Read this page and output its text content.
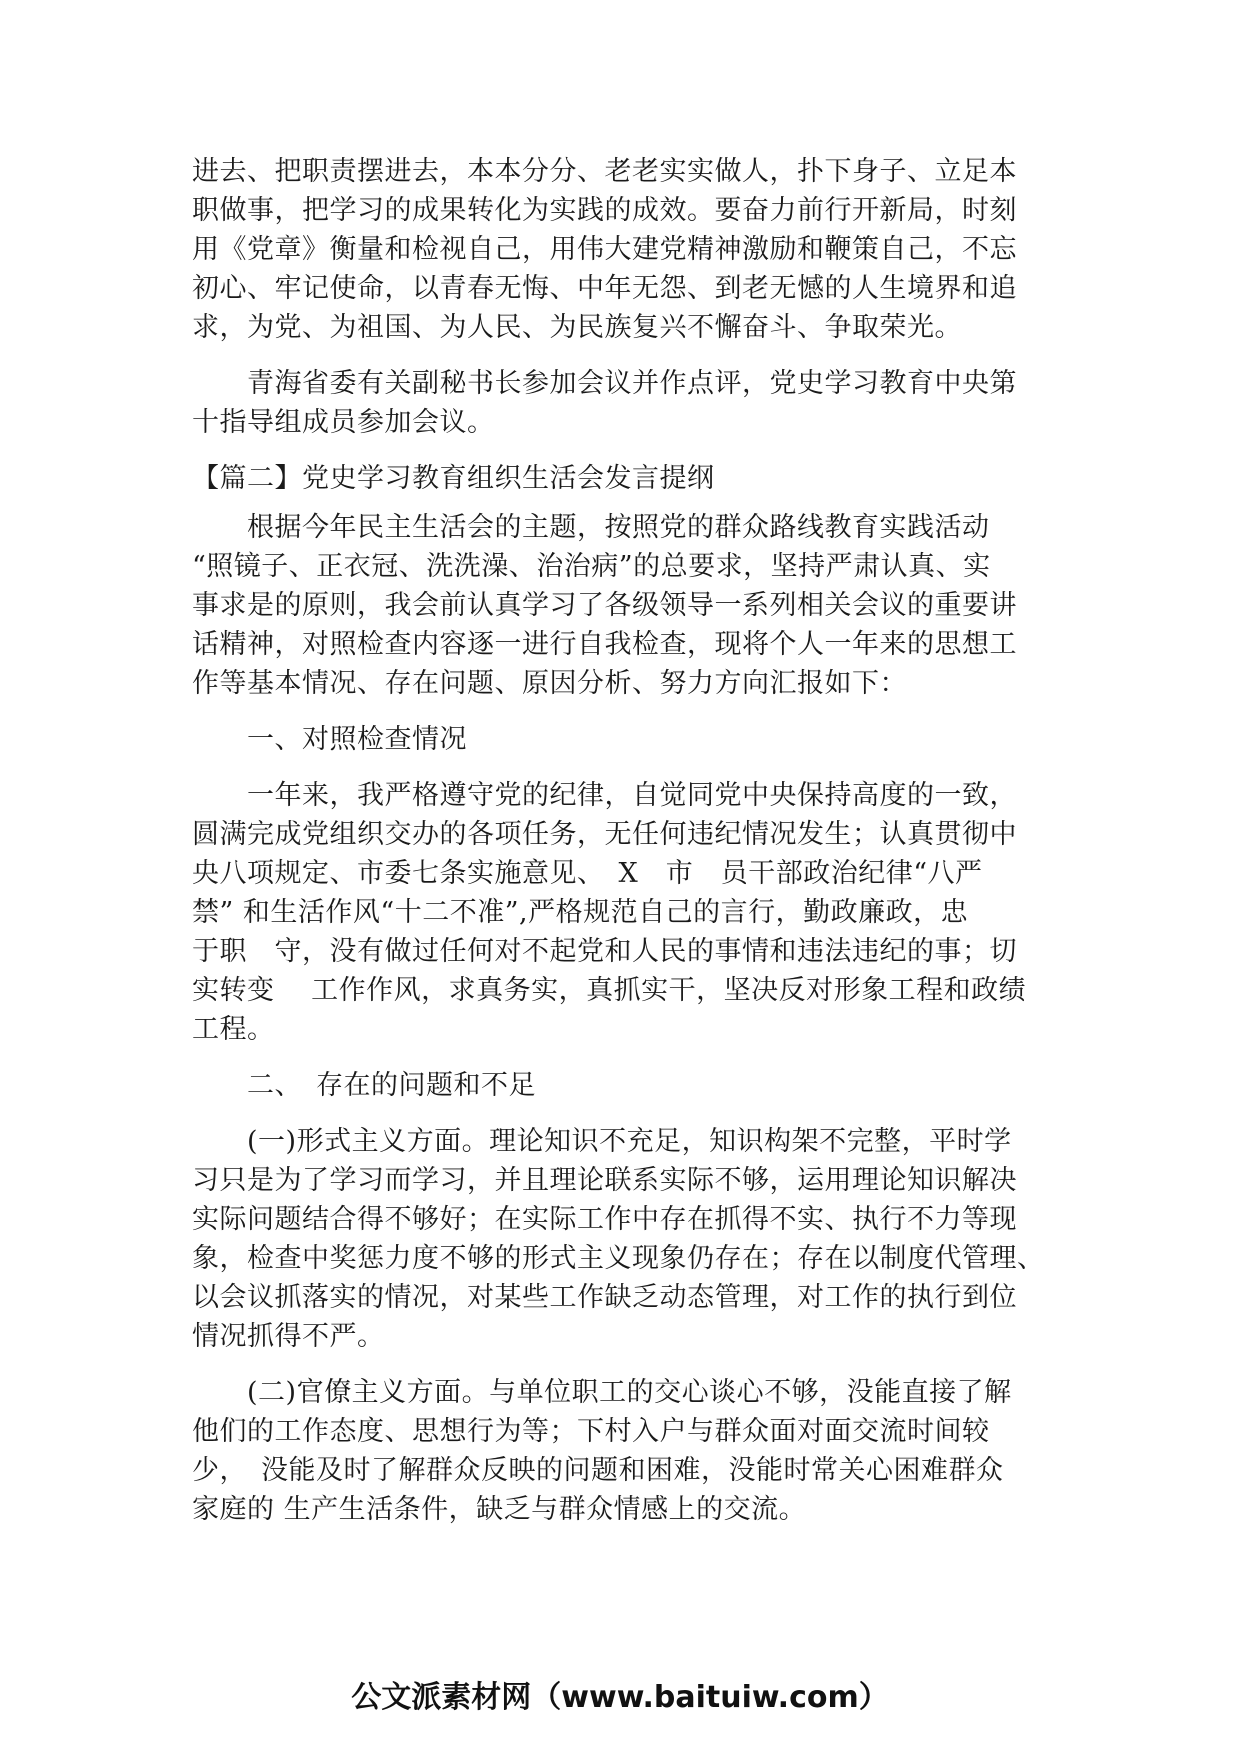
进去、把职责摆进去，本本分分、老老实实做人，扑下身子、立足本

职做事，把学习的成果转化为实践的成效。要奋力前行开新局，时刻

用《党章》衡量和检视自己，用伟大建党精神激励和鞭策自己，不忘

初心、牢记使命，以青春无悔、中年无怨、到老无憾的人生境界和追

求，为党、为祖国、为人民、为民族复兴不懈奋斗、争取荣光。

　　青海省委有关副秘书长参加会议并作点评，党史学习教育中央第

十指导组成员参加会议。

【篇二】党史学习教育组织生活会发言提纲

　　根据今年民主生活会的主题，按照党的群众路线教育实践活动

“照镜子、正衣冠、洗洗澡、治治病”的总要求，坚持严肃认真、实

事求是的原则，我会前认真学习了各级领导一系列相关会议的重要讲

话精神，对照检查内容逐一进行自我检查，现将个人一年来的思想工

作等基本情况、存在问题、原因分析、努力方向汇报如下：

　　一、对照检查情况

　　一年来，我严格遵守党的纪律，自觉同党中央保持高度的一致，

圆满完成党组织交办的各项任务，无任何违纪情况发生；认真贯彻中

央八项规定、市委七条实施意见、　X　市　员干部政治纪律“八严

禁” 和生活作风“十二不准”,严格规范自己的言行，勤政廉政，忠

于职　守，没有做过任何对不起党和人民的事情和违法违纪的事；切

实转变　 工作作风，求真务实，真抓实干，坚决反对形象工程和政绩

工程。

　　二、　存在的问题和不足

　　(一)形式主义方面。理论知识不充足，知识构架不完整，平时学

习只是为了学习而学习，并且理论联系实际不够，运用理论知识解决

实际问题结合得不够好；在实际工作中存在抓得不实、执行不力等现

象，检查中奖惩力度不够的形式主义现象仍存在；存在以制度代管理、

以会议抓落实的情况，对某些工作缺乏动态管理，对工作的执行到位

情况抓得不严。

　　(二)官僚主义方面。与单位职工的交心谈心不够，没能直接了解

他们的工作态度、思想行为等；下村入户与群众面对面交流时间较

少，　没能及时了解群众反映的问题和困难，没能时常关心困难群众

家庭的 生产生活条件，缺乏与群众情感上的交流。

公文派素材网（www.baituiw.com）
